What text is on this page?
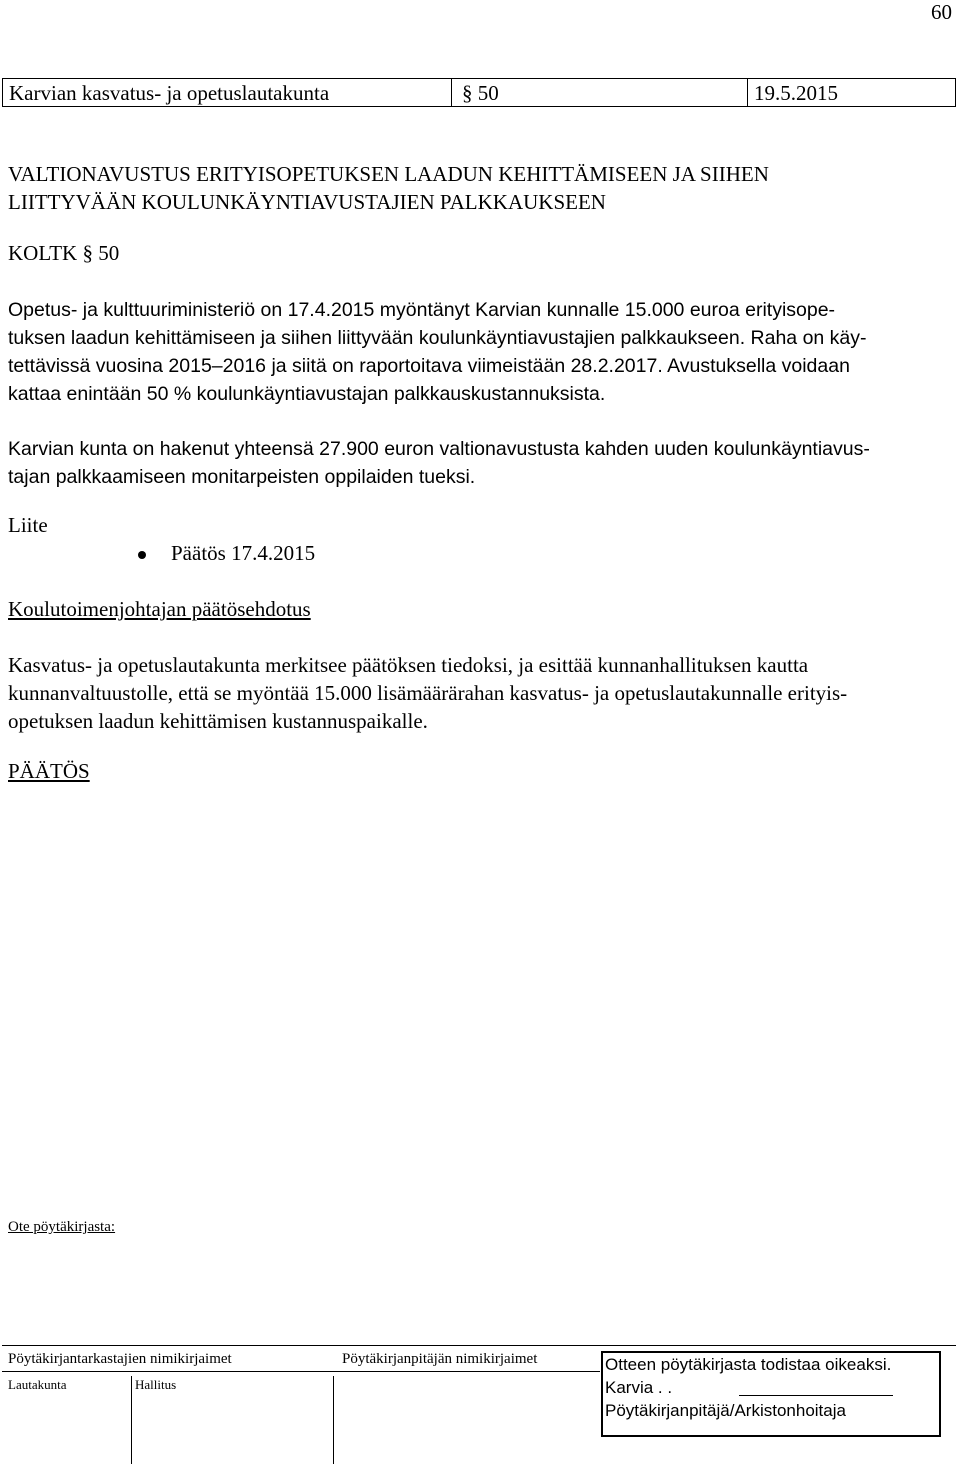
60
Karvian kasvatus- ja opetuslautakunta	§ 50	19.5.2015
VALTIONAVUSTUS ERITYISOPETUKSEN LAADUN KEHITTÄMISEEN JA SIIHEN
LIITTYVÄÄN KOULUNKÄYNTIAVUSTAJIEN PALKKAUKSEEN
KOLTK § 50
Opetus- ja kulttuuriministeriö on 17.4.2015 myöntänyt Karvian kunnalle 15.000 euroa erityisope-
tuksen laadun kehittämiseen ja siihen liittyvään koulunkäyntiavustajien palkkaukseen. Raha on käy-
tettävissä vuosina 2015–2016 ja siitä on raportoitava viimeistään 28.2.2017. Avustuksella voidaan
kattaa enintään 50 % koulunkäyntiavustajan palkkauskustannuksista.
Karvian kunta on hakenut yhteensä 27.900 euron valtionavustusta kahden uuden koulunkäyntiavus-
tajan palkkaamiseen monitarpeisten oppilaiden tueksi.
Liite
Päätös 17.4.2015
Koulutoimenjohtajan päätösehdotus
Kasvatus- ja opetuslautakunta merkitsee päätöksen tiedoksi, ja esittää kunnanhallituksen kautta
kunnanvaltuustolle, että se myöntää 15.000 lisämäärärahan kasvatus- ja opetuslautakunnalle erityis-
opetuksen laadun kehittämisen kustannuspaikalle.
PÄÄTÖS
Ote pöytäkirjasta:
Pöytäkirjantarkastajien nimikirjaimet	Pöytäkirjanpitäjän nimikirjaimet
Lautakunta	Hallitus
Otteen pöytäkirjasta todistaa oikeaksi.
Karvia . .
Pöytäkirjanpitäjä/Arkistonhoitaja
